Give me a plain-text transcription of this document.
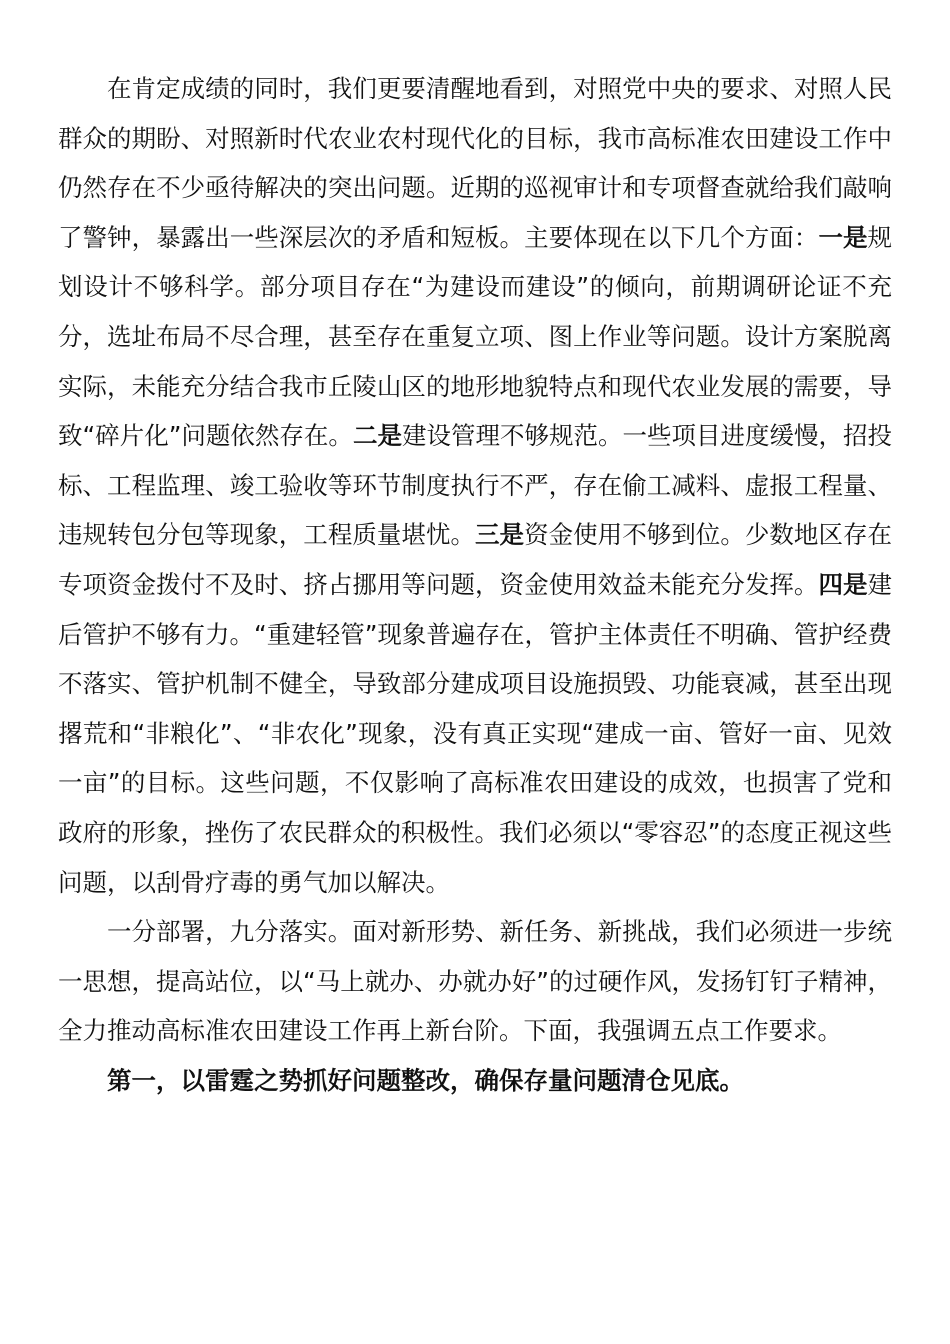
在肯定成绩的同时，我们更要清醒地看到，对照党中央的要求、对照人民群众的期盼、对照新时代农业农村现代化的目标，我市高标准农田建设工作中仍然存在不少亟待解决的突出问题。近期的巡视审计和专项督查就给我们敲响了警钟，暴露出一些深层次的矛盾和短板。主要体现在以下几个方面：一是规划设计不够科学。部分项目存在“为建设而建设”的倾向，前期调研论证不充分，选址布局不尽合理，甚至存在重复立项、图上作业等问题。设计方案脱离实际，未能充分结合我市丘陵山区的地形地貌特点和现代农业发展的需要，导致“碎片化”问题依然存在。二是建设管理不够规范。一些项目进度缓慢，招投标、工程监理、竣工验收等环节制度执行不严，存在偷工减料、虚报工程量、违规转包分包等现象，工程质量堪忧。三是资金使用不够到位。少数地区存在专项资金拨付不及时、挤占挪用等问题，资金使用效益未能充分发挥。四是建后管护不够有力。“重建轻管”现象普遍存在，管护主体责任不明确、管护经费不落实、管护机制不健全，导致部分建成项目设施损毁、功能衰减，甚至出现撂荒和“非粮化”、“非农化”现象，没有真正实现“建成一亩、管好一亩、见效一亩”的目标。这些问题，不仅影响了高标准农田建设的成效，也损害了党和政府的形象，挫伤了农民群众的积极性。我们必须以“零容忍”的态度正视这些问题，以刮骨疗毒的勇气加以解决。

一分部署，九分落实。面对新形势、新任务、新挑战，我们必须进一步统一思想，提高站位，以“马上就办、办就办好”的过硬作风，发扬钉钉子精神，全力推动高标准农田建设工作再上新台阶。下面，我强调五点工作要求。

第一，以雷霆之势抓好问题整改，确保存量问题清仓见底。
